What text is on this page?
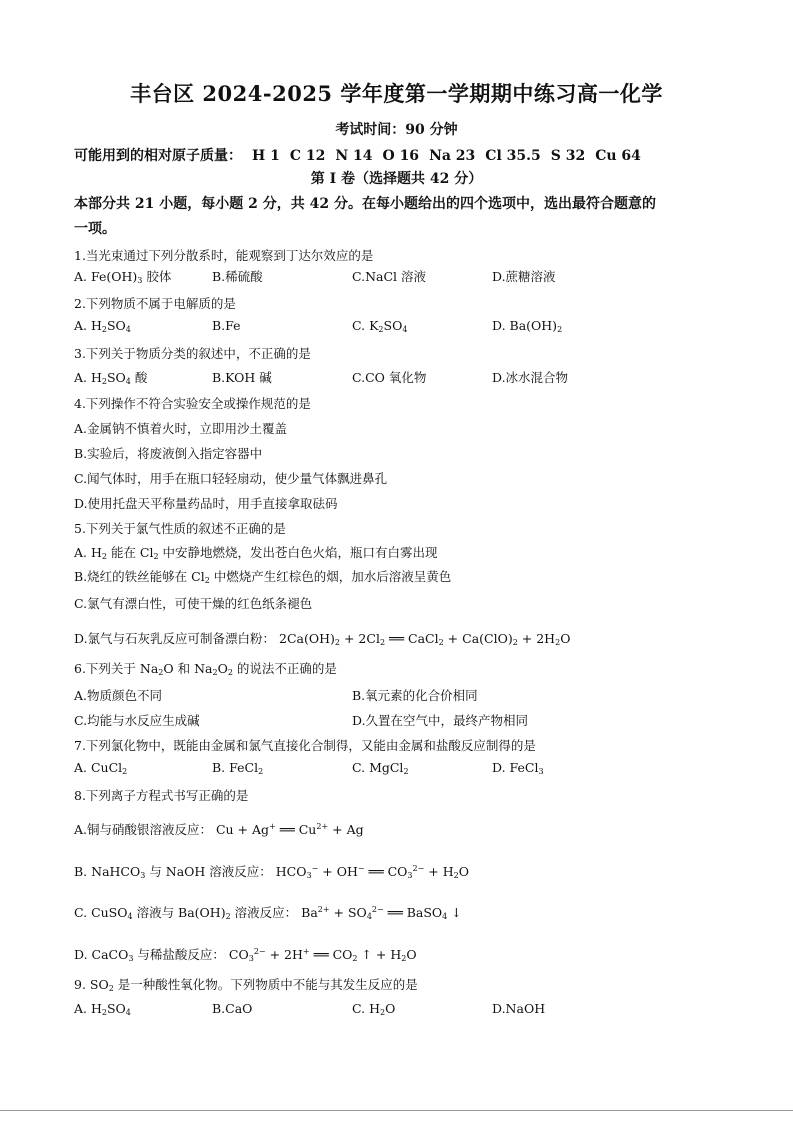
丰台区 2024-2025 学年度第一学期期中练习高一化学
考试时间：90 分钟
可能用到的相对原子质量： H 1 C 12 N 14 O 16 Na 23 Cl 35.5 S 32 Cu 64
第 I 卷（选择题共 42 分）
本部分共 21 小题，每小题 2 分，共 42 分。在每小题给出的四个选项中，选出最符合题意的
一项。
1.当光束通过下列分散系时，能观察到丁达尔效应的是
A. $Fe(OH)_3$ 胶体	B.稀硫酸	C.NaCl 溶液	D.蔗糖溶液
2.下列物质不属于电解质的是
A. $H_2SO_4$	B.Fe	C. $K_2SO_4$	D. $Ba(OH)_2$
3.下列关于物质分类的叙述中，不正确的是
A. $H_2SO_4$ 酸	B.KOH 碱	C.CO 氧化物	D.冰水混合物
4.下列操作不符合实验安全或操作规范的是
A.金属钠不慎着火时，立即用沙土覆盖
B.实验后，将废液倒入指定容器中
C.闻气体时，用手在瓶口轻轻扇动，使少量气体飘进鼻孔
D.使用托盘天平称量药品时，用手直接拿取砝码
5.下列关于氯气性质的叙述不正确的是
A. $H_2$ 能在 $Cl_2$ 中安静地燃烧，发出苍白色火焰，瓶口有白雾出现
B.烧红的铁丝能够在 $Cl_2$ 中燃烧产生红棕色的烟，加水后溶液呈黄色
C.氯气有漂白性，可使干燥的红色纸条褪色
D.氯气与石灰乳反应可制备漂白粉： $2Ca(OH)_2 + 2Cl_2$ ══ CaCl$_2$ + $Ca(ClO)_2 + 2H_2O$
6.下列关于 $Na_2O$ 和 $Na_2O_2$ 的说法不正确的是
A.物质颜色不同	B.氧元素的化合价相同
C.均能与水反应生成碱	D.久置在空气中，最终产物相同
7.下列氯化物中，既能由金属和氯气直接化合制得，又能由金属和盐酸反应制得的是
A. CuCl$_2$	B. FeCl$_2$	C. MgCl$_2$	D. FeCl$_3$
8.下列离子方程式书写正确的是
A.铜与硝酸银溶液反应： Cu + Ag+ ══ $Cu^{2+} + Ag$
B. NaHCO$_3$ 与 NaOH 溶液反应： $HCO_3^- + OH^-$ ══ $CO_3^{2-} + H_2O$
C. CuSO$_4$ 溶液与 $Ba(OH)_2$ 溶液反应： $Ba^{2+} + SO_4^{2-}$ ══ BaSO$_4$ ↓
D. CaCO$_3$ 与稀盐酸反应： $CO_3^{2-} + 2H^+$ ══ $CO_2$ ↑ + $H_2O$
9. $SO_2$ 是一种酸性氧化物。下列物质中不能与其发生反应的是
A. $H_2SO_4$	B.CaO	C. $H_2O$	D.NaOH
